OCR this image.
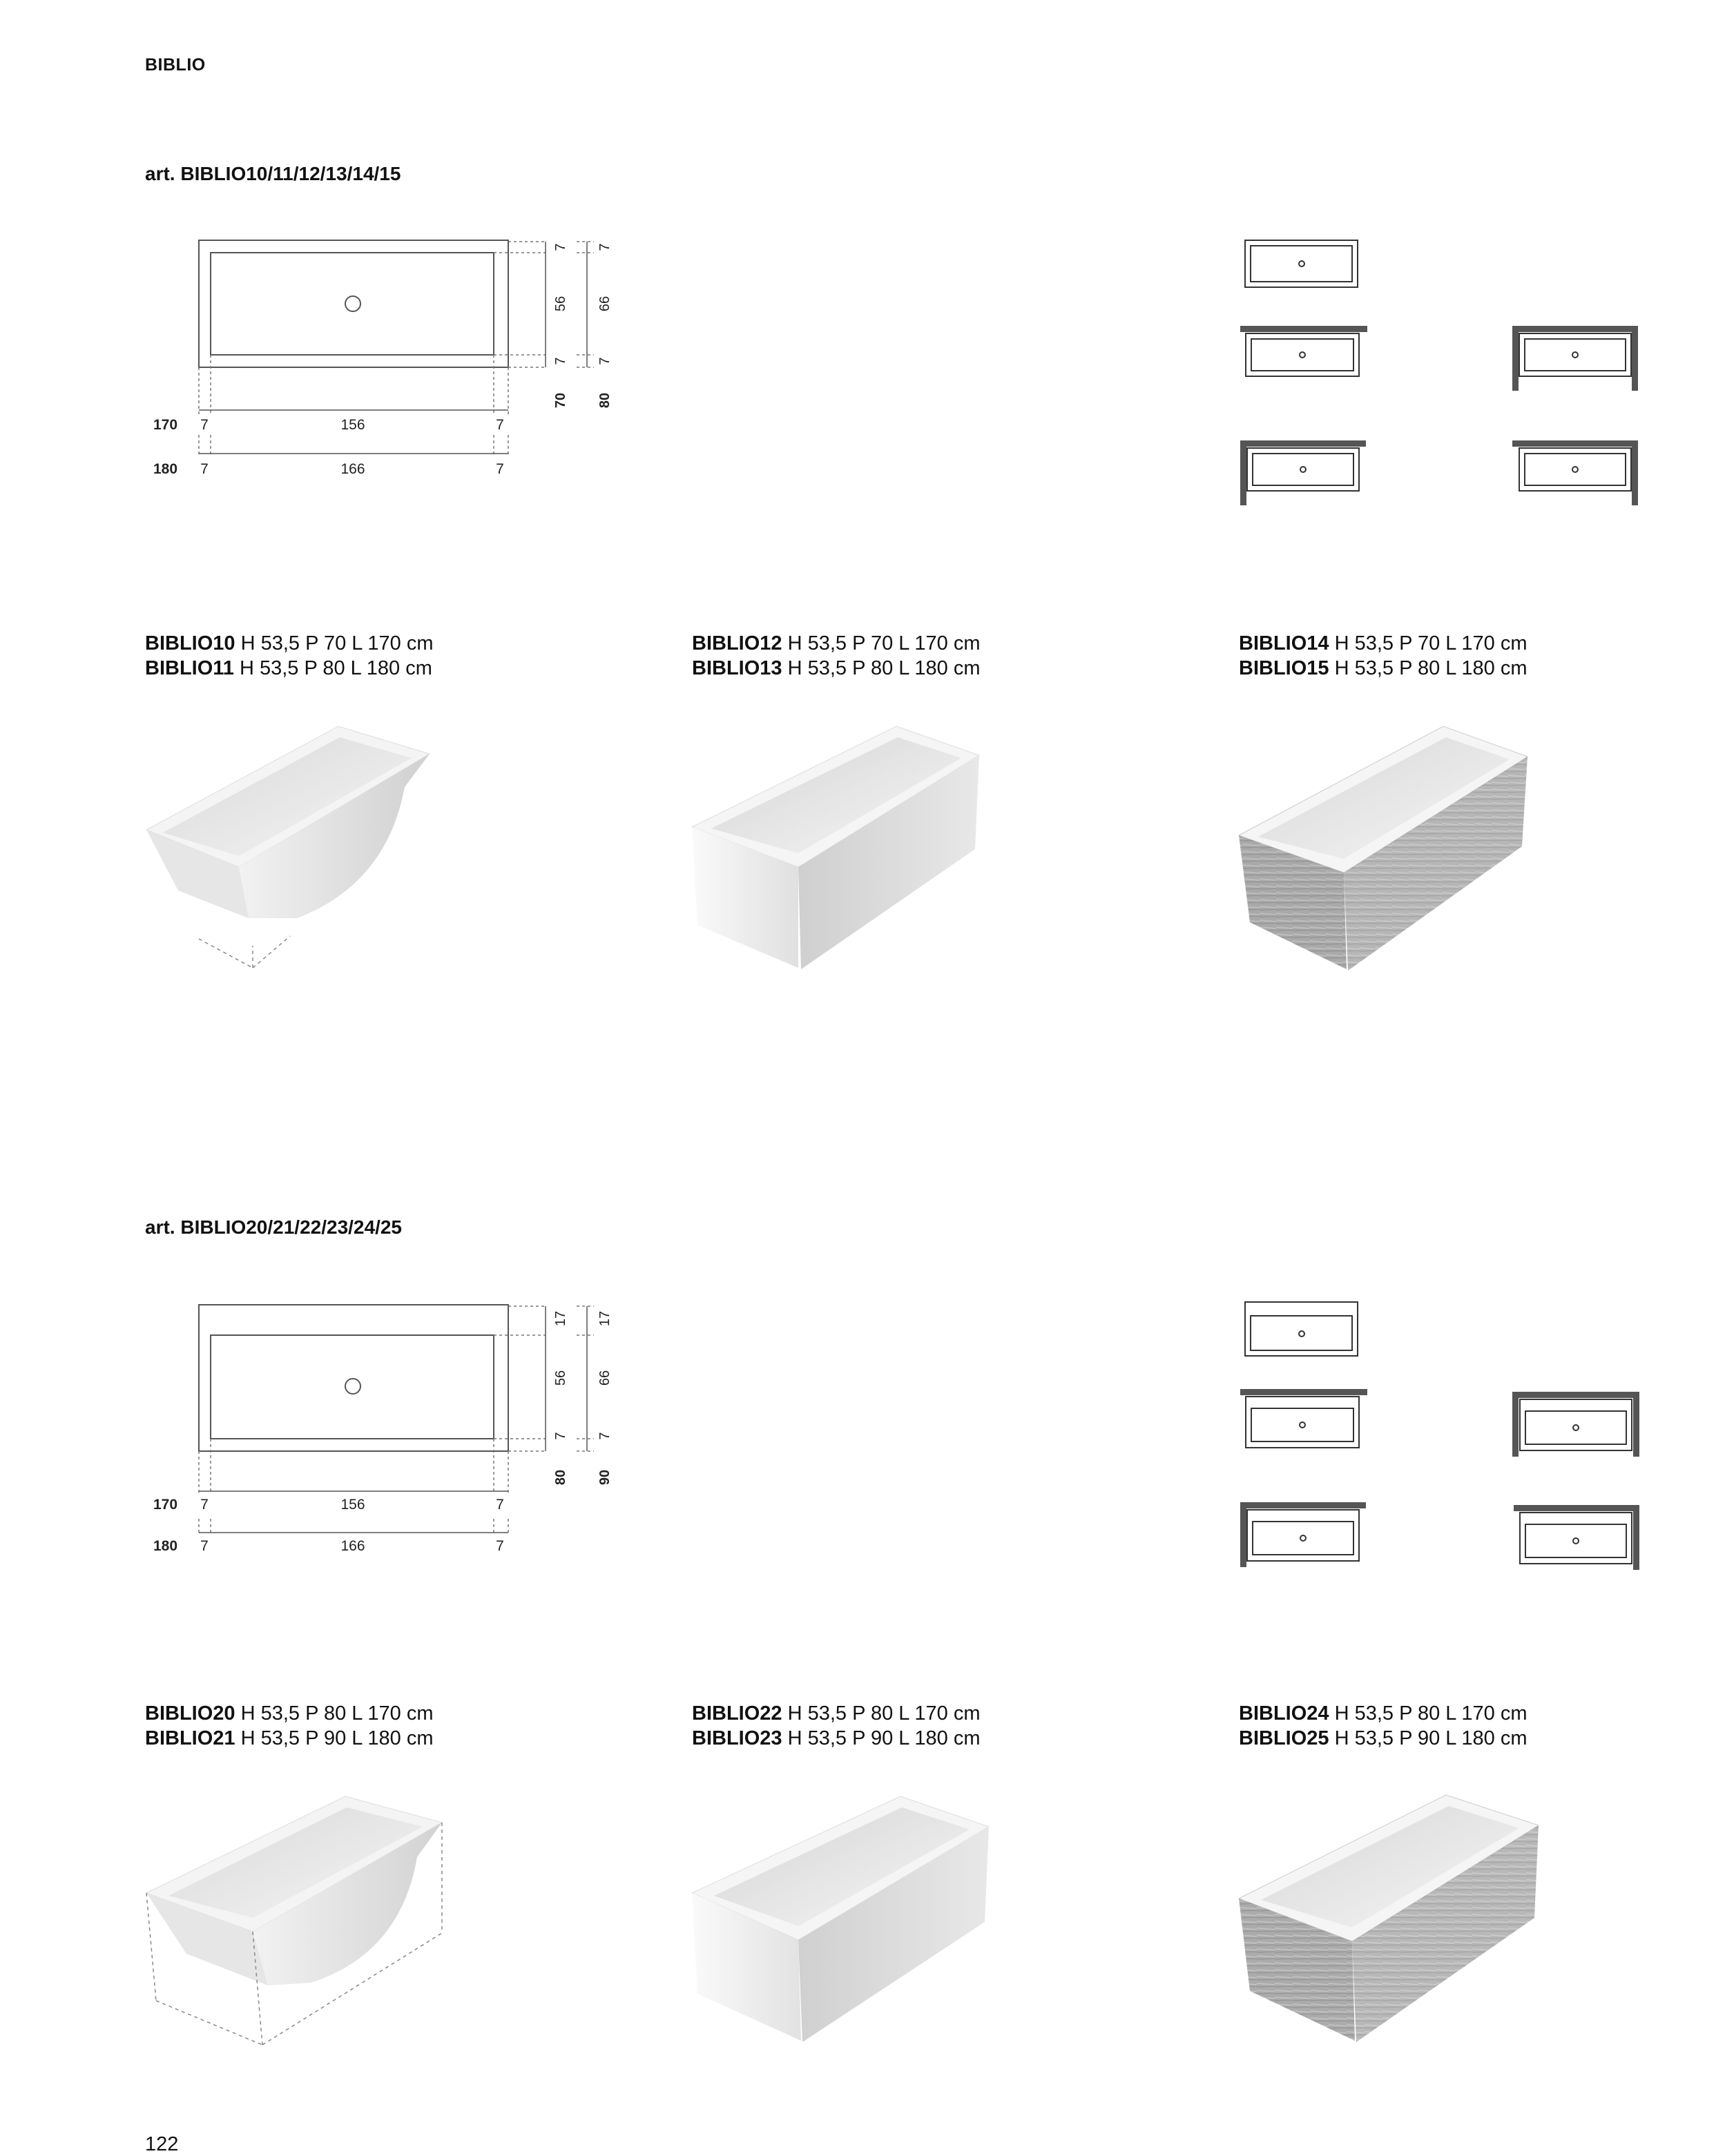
BIBLIO
art. BIBLIO10/11/12/13/14/15
7
56
7
7
66
7
70 80
170 7	156	7
180 7	166	7
BIBLIO10 H 53,5 P 70 L 170 cm
BIBLIO11 H 53,5 P 80 L 180 cm
BIBLIO12 H 53,5 P 70 L 170 cm
BIBLIO13 H 53,5 P 80 L 180 cm
BIBLIO14 H 53,5 P 70 L 170 cm
BIBLIO15 H 53,5 P 80 L 180 cm
art. BIBLIO20/21/22/23/24/25
17
56
7
17
66
7
80 90
170 7	156	7
180 7	166	7
BIBLIO20 H 53,5 P 80 L 170 cm
BIBLIO21 H 53,5 P 90 L 180 cm
BIBLIO22 H 53,5 P 80 L 170 cm
BIBLIO23 H 53,5 P 90 L 180 cm
BIBLIO24 H 53,5 P 80 L 170 cm
BIBLIO25 H 53,5 P 90 L 180 cm
122
